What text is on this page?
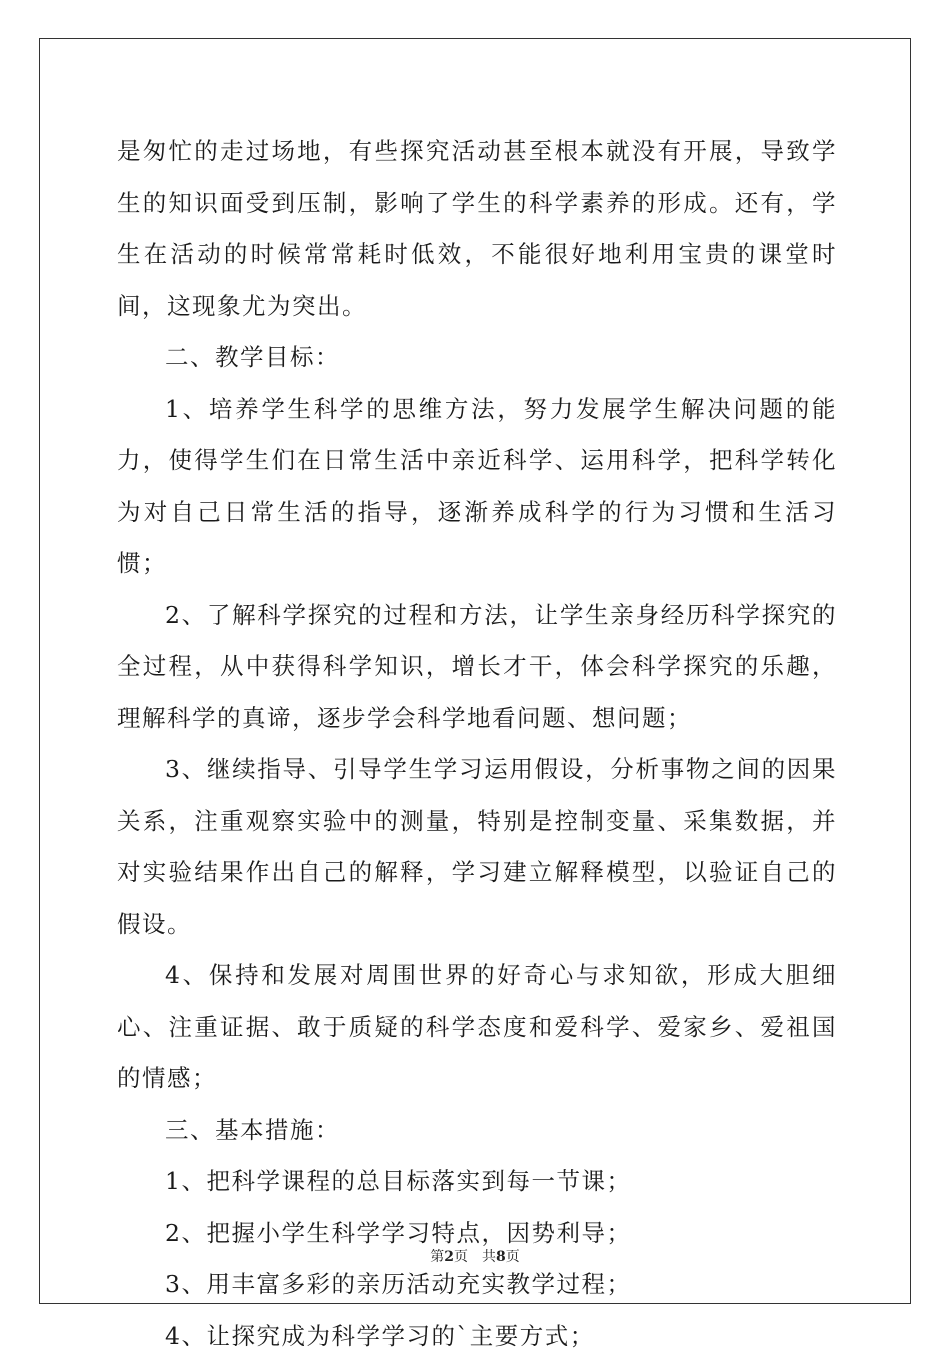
是匆忙的走过场地，有些探究活动甚至根本就没有开展，导致学生的知识面受到压制，影响了学生的科学素养的形成。还有，学生在活动的时候常常耗时低效，不能很好地利用宝贵的课堂时间，这现象尤为突出。

二、教学目标：

1、培养学生科学的思维方法，努力发展学生解决问题的能力，使得学生们在日常生活中亲近科学、运用科学，把科学转化为对自己日常生活的指导，逐渐养成科学的行为习惯和生活习惯；

2、了解科学探究的过程和方法，让学生亲身经历科学探究的全过程，从中获得科学知识，增长才干，体会科学探究的乐趣，理解科学的真谛，逐步学会科学地看问题、想问题；

3、继续指导、引导学生学习运用假设，分析事物之间的因果关系，注重观察实验中的测量，特别是控制变量、采集数据，并对实验结果作出自己的解释，学习建立解释模型，以验证自己的假设。

4、保持和发展对周围世界的好奇心与求知欲，形成大胆细心、注重证据、敢于质疑的科学态度和爱科学、爱家乡、爱祖国的情感；

三、基本措施：

1、把科学课程的总目标落实到每一节课；

2、把握小学生科学学习特点，因势利导；

3、用丰富多彩的亲历活动充实教学过程；

4、让探究成为科学学习的`主要方式；

第2页　共8页
